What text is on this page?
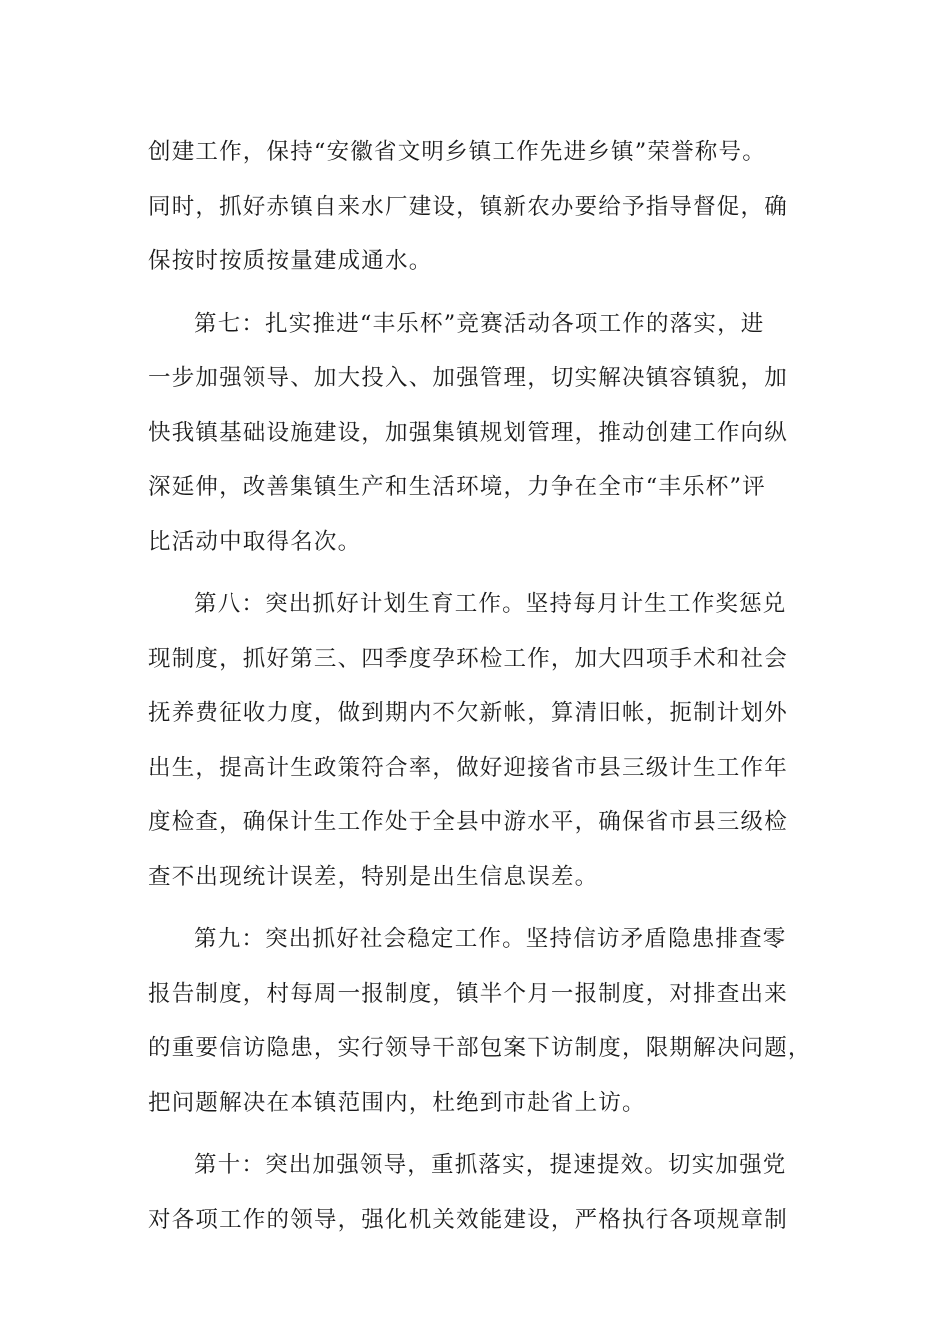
创建工作，保持“安徽省文明乡镇工作先进乡镇”荣誉称号。
同时，抓好赤镇自来水厂建设，镇新农办要给予指导督促，确
保按时按质按量建成通水。
第七：扎实推进“丰乐杯”竞赛活动各项工作的落实，进
一步加强领导、加大投入、加强管理，切实解决镇容镇貌，加
快我镇基础设施建设，加强集镇规划管理，推动创建工作向纵
深延伸，改善集镇生产和生活环境，力争在全市“丰乐杯”评
比活动中取得名次。
第八：突出抓好计划生育工作。坚持每月计生工作奖惩兑
现制度，抓好第三、四季度孕环检工作，加大四项手术和社会
抚养费征收力度，做到期内不欠新帐，算清旧帐，扼制计划外
出生，提高计生政策符合率，做好迎接省市县三级计生工作年
度检查，确保计生工作处于全县中游水平，确保省市县三级检
查不出现统计误差，特别是出生信息误差。
第九：突出抓好社会稳定工作。坚持信访矛盾隐患排查零
报告制度，村每周一报制度，镇半个月一报制度，对排查出来
的重要信访隐患，实行领导干部包案下访制度，限期解决问题，
把问题解决在本镇范围内，杜绝到市赴省上访。
第十：突出加强领导，重抓落实，提速提效。切实加强党
对各项工作的领导，强化机关效能建设，严格执行各项规章制
